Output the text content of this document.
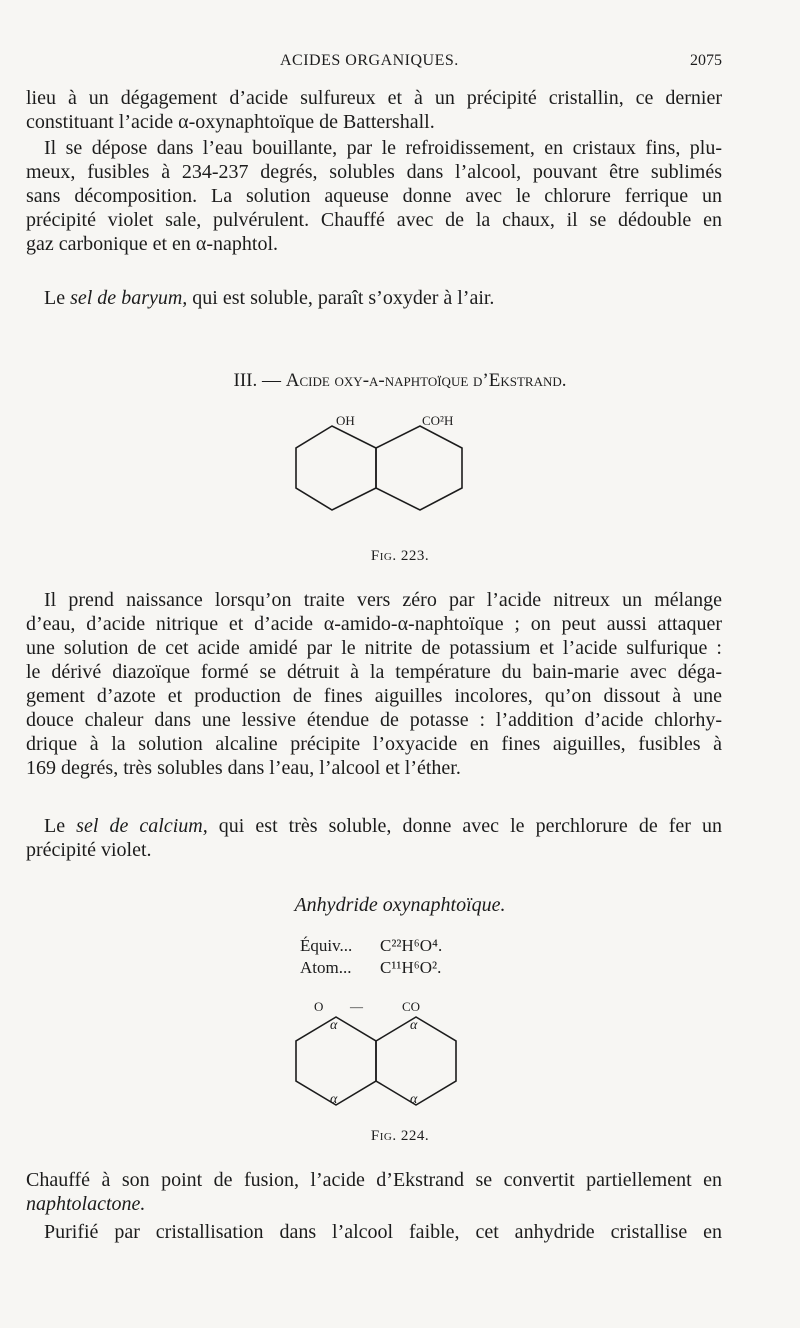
ACIDES ORGANIQUES.	2075
lieu à un dégagement d’acide sulfureux et à un précipité cristallin, ce dernier
constituant l’acide α-oxynaphtoïque de Battershall.
Il se dépose dans l’eau bouillante, par le refroidissement, en cristaux fins, plu-
meux, fusibles à 234-237 degrés, solubles dans l’alcool, pouvant être sublimés
sans décomposition. La solution aqueuse donne avec le chlorure ferrique un
précipité violet sale, pulvérulent. Chauffé avec de la chaux, il se dédouble en
gaz carbonique et en α-naphtol.
Le sel de baryum, qui est soluble, paraît s’oxyder à l’air.
III. — Acide oxy-α-naphtoïque d’Ekstrand.
OH	CO²H
Fig. 223.
Il prend naissance lorsqu’on traite vers zéro par l’acide nitreux un mélange
d’eau, d’acide nitrique et d’acide α-amido-α-naphtoïque ; on peut aussi attaquer
une solution de cet acide amidé par le nitrite de potassium et l’acide sulfurique :
le dérivé diazoïque formé se détruit à la température du bain-marie avec déga-
gement d’azote et production de fines aiguilles incolores, qu’on dissout à une
douce chaleur dans une lessive étendue de potasse : l’addition d’acide chlorhy-
drique à la solution alcaline précipite l’oxyacide en fines aiguilles, fusibles à
169 degrés, très solubles dans l’eau, l’alcool et l’éther.
Le sel de calcium, qui est très soluble, donne avec le perchlorure de fer un
précipité violet.
Anhydride oxynaphtoïque.
Équiv... C²²H⁶O⁴.
Atom... C¹¹H⁶O².
O —	CO
α	α
α	α
Fig. 224.
Chauffé à son point de fusion, l’acide d’Ekstrand se convertit partiellement en
naphtolactone.
Purifié par cristallisation dans l’alcool faible, cet anhydride cristallise en
